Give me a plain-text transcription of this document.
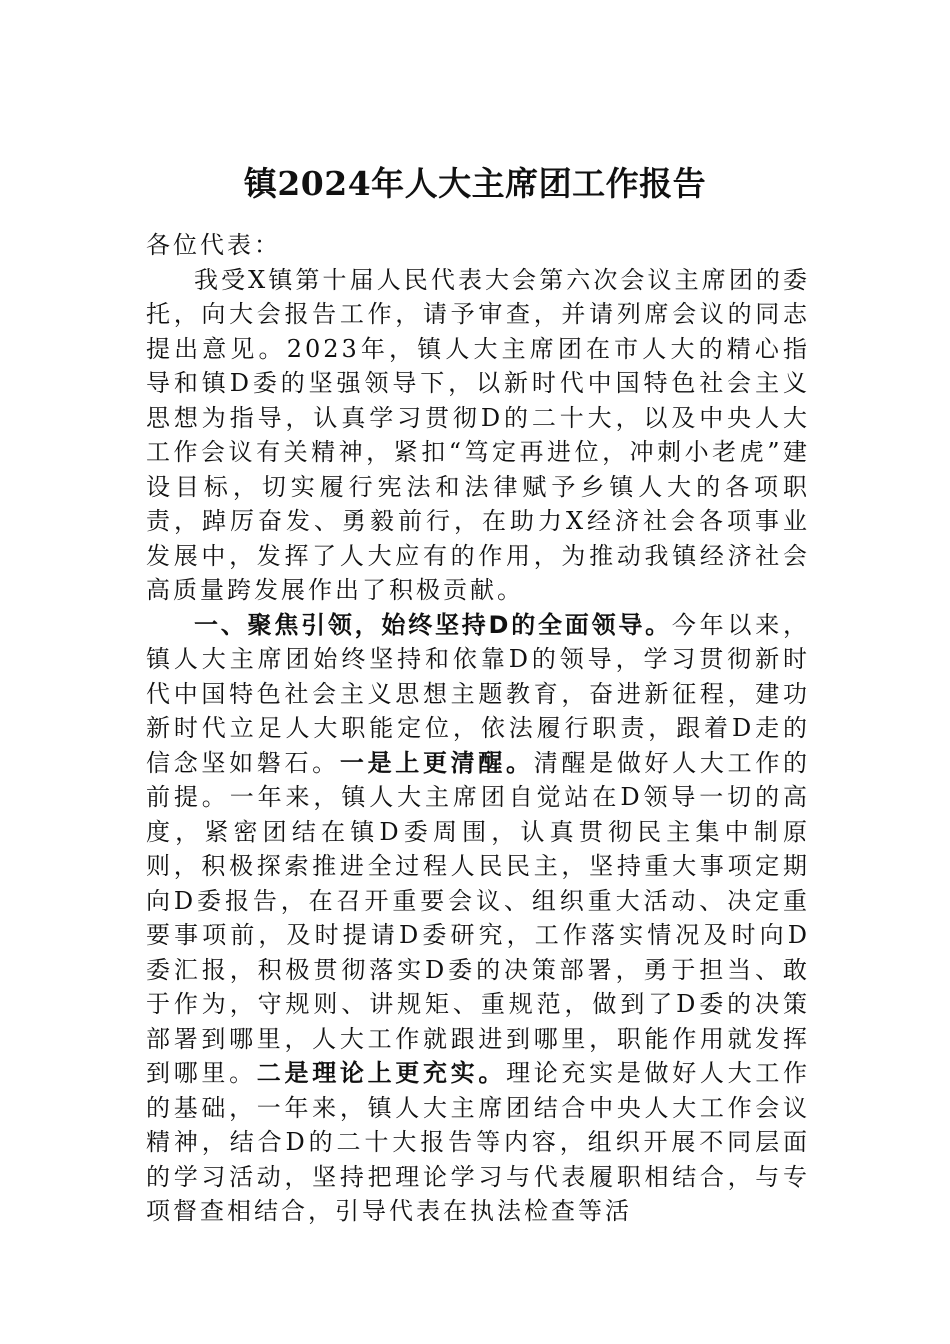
镇2024年人大主席团工作报告

各位代表：

我受X镇第十届人民代表大会第六次会议主席团的委托，向大会报告工作，请予审查，并请列席会议的同志提出意见。2023年，镇人大主席团在市人大的精心指导和镇D委的坚强领导下，以新时代中国特色社会主义思想为指导，认真学习贯彻D的二十大，以及中央人大工作会议有关精神，紧扣“笃定再进位，冲刺小老虎”建设目标，切实履行宪法和法律赋予乡镇人大的各项职责，踔厉奋发、勇毅前行，在助力X经济社会各项事业发展中，发挥了人大应有的作用，为推动我镇经济社会高质量跨发展作出了积极贡献。

一、聚焦引领，始终坚持D的全面领导。今年以来，镇人大主席团始终坚持和依靠D的领导，学习贯彻新时代中国特色社会主义思想主题教育，奋进新征程，建功新时代立足人大职能定位，依法履行职责，跟着D走的信念坚如磐石。一是上更清醒。清醒是做好人大工作的前提。一年来，镇人大主席团自觉站在D领导一切的高度，紧密团结在镇D委周围，认真贯彻民主集中制原则，积极探索推进全过程人民民主，坚持重大事项定期向D委报告，在召开重要会议、组织重大活动、决定重要事项前，及时提请D委研究，工作落实情况及时向D委汇报，积极贯彻落实D委的决策部署，勇于担当、敢于作为，守规则、讲规矩、重规范，做到了D委的决策部署到哪里，人大工作就跟进到哪里，职能作用就发挥到哪里。二是理论上更充实。理论充实是做好人大工作的基础，一年来，镇人大主席团结合中央人大工作会议精神，结合D的二十大报告等内容，组织开展不同层面的学习活动，坚持把理论学习与代表履职相结合，与专项督查相结合，引导代表在执法检查等活
